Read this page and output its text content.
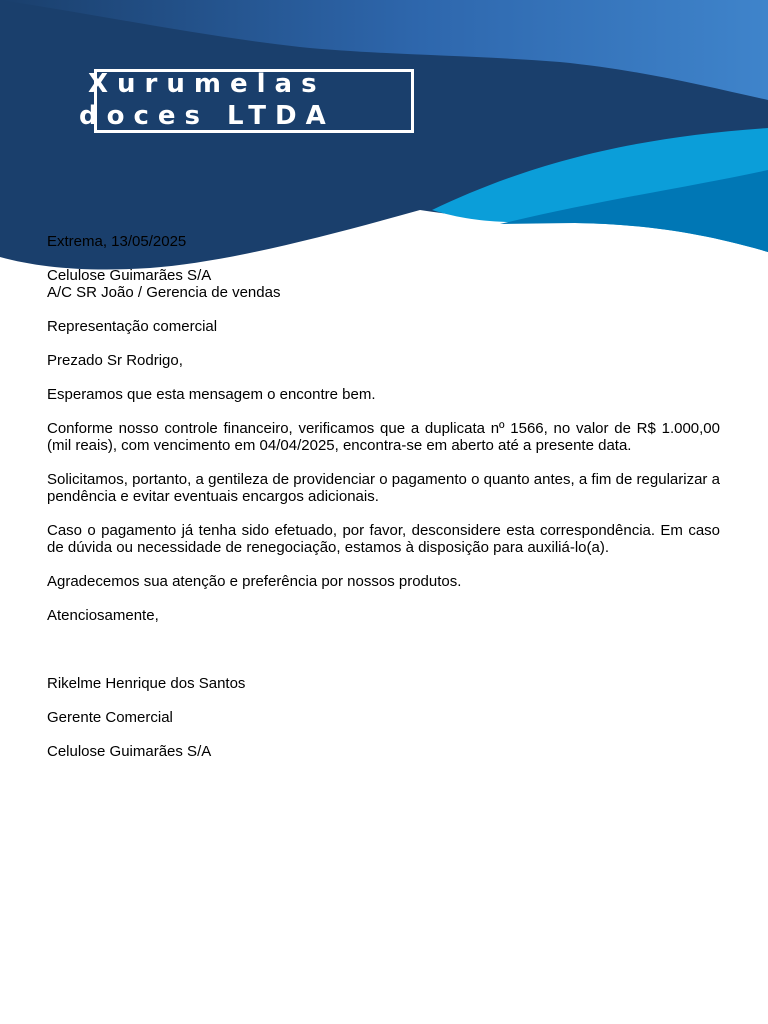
Xurumelas
doces LTDA

Extrema, 13/05/2025

Celulose Guimarães S/A

A/C SR João / Gerencia de vendas

Representação comercial

Prezado Sr Rodrigo,

Esperamos que esta mensagem o encontre bem.

Conforme nosso controle financeiro, verificamos que a duplicata nº 1566, no valor de R$ 1.000,00 (mil reais), com vencimento em 04/04/2025, encontra-se em aberto até a presente data.

Solicitamos, portanto, a gentileza de providenciar o pagamento o quanto antes, a fim de regularizar a pendência e evitar eventuais encargos adicionais.

Caso o pagamento já tenha sido efetuado, por favor, desconsidere esta correspondência. Em caso de dúvida ou necessidade de renegociação, estamos à disposição para auxiliá-lo(a).

Agradecemos sua atenção e preferência por nossos produtos.

Atenciosamente,

Rikelme Henrique dos Santos

Gerente Comercial

Celulose Guimarães S/A
